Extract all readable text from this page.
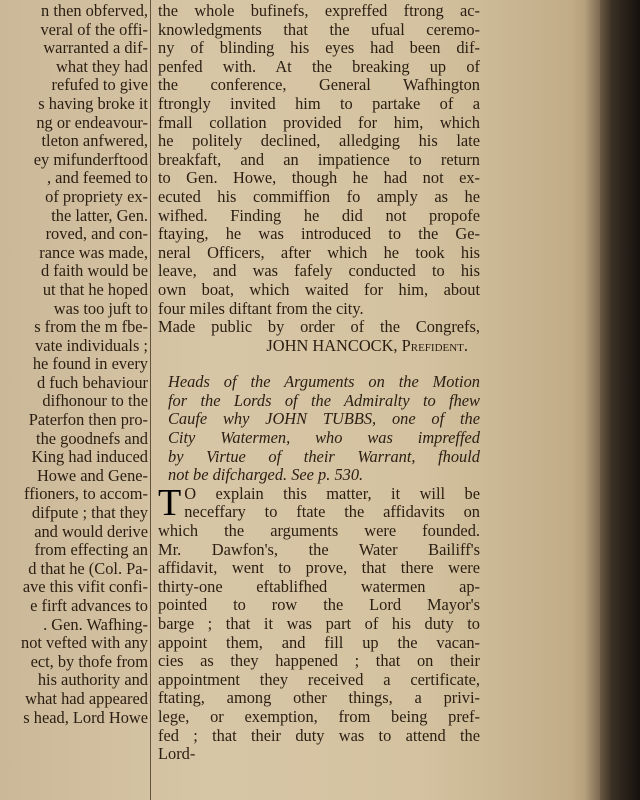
n then obferved,
veral of the offi-
warranted a dif-
what they had
refufed to give
s having broke it
ng or endeavour-
tleton anfwered,
ey mifunderftood
, and feemed to
of propriety ex-
the latter, Gen.
roved, and con-
rance was made,
d faith would be
ut that he hoped
was too juft to
s from the m fbe-
vate individuals ;
he found in every
d fuch behaviour
difhonour to the
Paterfon then pro-
the goodnefs and
King had induced
Howe and Gene-
ffioners, to accom-
difpute ; that they
and would derive
from effecting an
d that he (Col. Pa-
ave this vifit confi-
e firft advances to
. Gen. Wafhing-
not vefted with any
ect, by thofe from
his authority and
what had appeared
s head, Lord Howe
the whole bufinefs, expreffed ftrong ac-
knowledgments that the ufual ceremo-
ny of blinding his eyes had been dif-
penfed with. At the breaking up of
the conference, General Wafhington
ftrongly invited him to partake of a
fmall collation provided for him, which
he politely declined, alledging his late
breakfaft, and an impatience to return
to Gen. Howe, though he had not ex-
ecuted his commiffion fo amply as he
wifhed. Finding he did not propofe
ftaying, he was introduced to the Ge-
neral Officers, after which he took his
leave, and was fafely conducted to his
own boat, which waited for him, about
four miles diftant from the city.
Made public by order of the Congrefs,
JOHN HANCOCK, Prefident.
Heads of the Arguments on the Motion
for the Lords of the Admiralty to fhew
Caufe why JOHN TUBBS, one of the
City Watermen, who was impreffed
by Virtue of their Warrant, fhould
not be difcharged. See p. 530.
T O explain this matter, it will be
neceffary to ftate the affidavits on
which the arguments were founded.
Mr. Dawfon's, the Water Bailiff's
affidavit, went to prove, that there were
thirty-one eftablifhed watermen ap-
pointed to row the Lord Mayor's
barge ; that it was part of his duty to
appoint them, and fill up the vacan-
cies as they happened ; that on their
appointment they received a certificate,
ftating, among other things, a privi-
lege, or exemption, from being pref-
fed ; that their duty was to attend the
Lord-
